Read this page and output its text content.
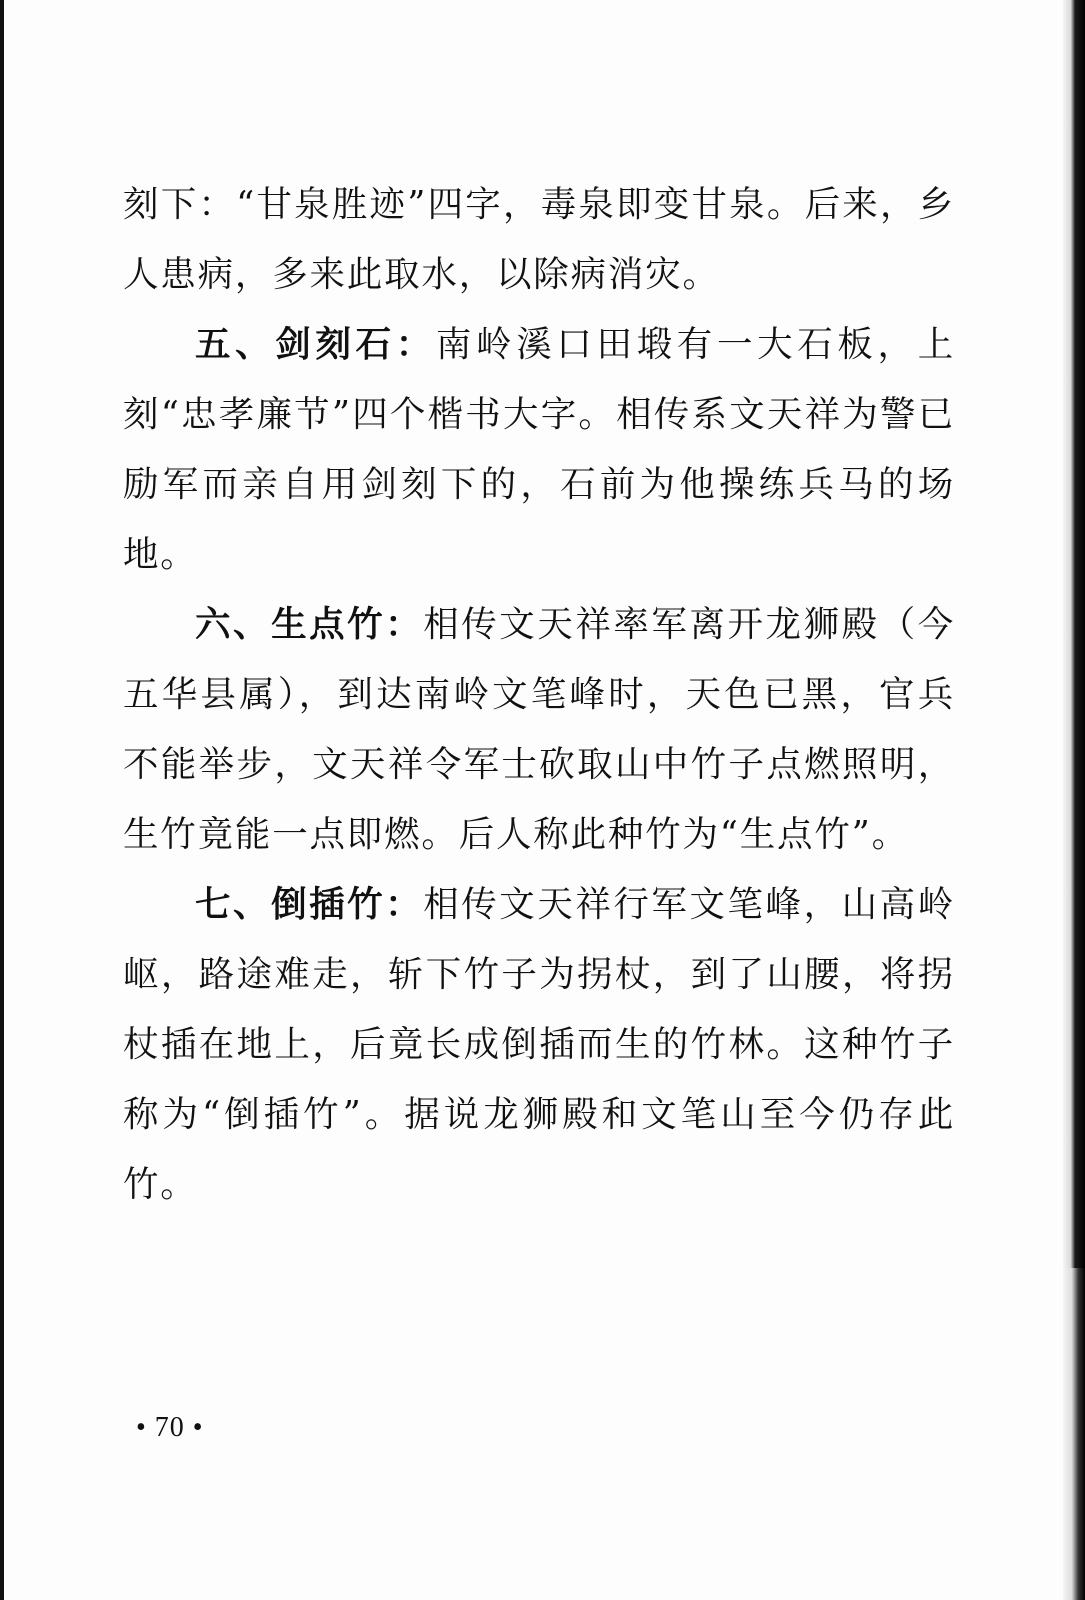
刻下：“甘泉胜迹”四字，毒泉即变甘泉。后来，乡人患病，多来此取水，以除病消灾。

五、剑刻石：南岭溪口田塅有一大石板，上刻“忠孝廉节”四个楷书大字。相传系文天祥为警已励军而亲自用剑刻下的，石前为他操练兵马的场地。

六、生点竹：相传文天祥率军离开龙狮殿（今五华县属），到达南岭文笔峰时，天色已黑，官兵不能举步，文天祥令军士砍取山中竹子点燃照明，生竹竟能一点即燃。后人称此种竹为“生点竹”。

七、倒插竹：相传文天祥行军文笔峰，山高岭岖，路途难走，斩下竹子为拐杖，到了山腰，将拐杖插在地上，后竟长成倒插而生的竹林。这种竹子称为“倒插竹”。据说龙狮殿和文笔山至今仍存此竹。

• 70 •
